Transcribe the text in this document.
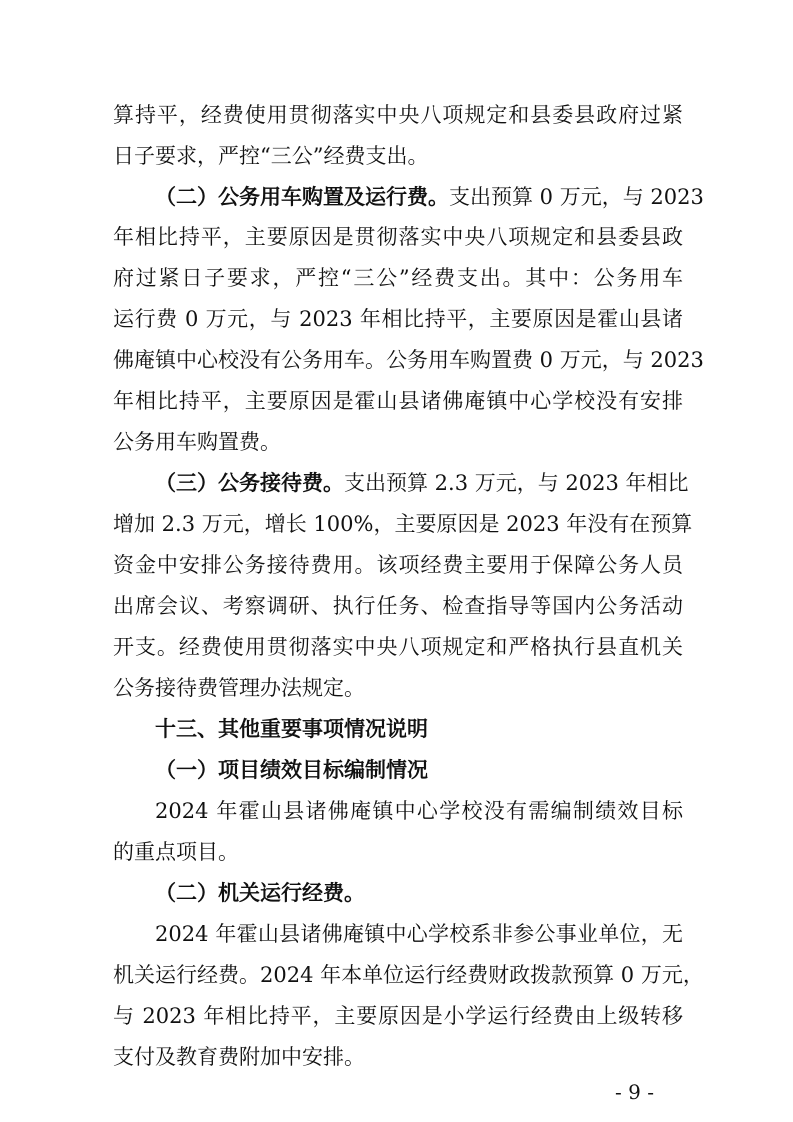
算持平，经费使用贯彻落实中央八项规定和县委县政府过紧
日子要求，严控“三公”经费支出。
（二）公务用车购置及运行费。支出预算 0 万元，与 2023
年相比持平，主要原因是贯彻落实中央八项规定和县委县政
府过紧日子要求，严控“三公”经费支出。其中：公务用车
运行费 0 万元，与 2023 年相比持平，主要原因是霍山县诸
佛庵镇中心校没有公务用车。公务用车购置费 0 万元，与 2023
年相比持平，主要原因是霍山县诸佛庵镇中心学校没有安排
公务用车购置费。
（三）公务接待费。支出预算 2.3 万元，与 2023 年相比
增加 2.3 万元，增长 100%，主要原因是 2023 年没有在预算
资金中安排公务接待费用。该项经费主要用于保障公务人员
出席会议、考察调研、执行任务、检查指导等国内公务活动
开支。经费使用贯彻落实中央八项规定和严格执行县直机关
公务接待费管理办法规定。
十三、其他重要事项情况说明
（一）项目绩效目标编制情况
2024 年霍山县诸佛庵镇中心学校没有需编制绩效目标
的重点项目。
（二）机关运行经费。
2024 年霍山县诸佛庵镇中心学校系非参公事业单位，无
机关运行经费。2024 年本单位运行经费财政拨款预算 0 万元，
与 2023 年相比持平，主要原因是小学运行经费由上级转移
支付及教育费附加中安排。
- 9 -
